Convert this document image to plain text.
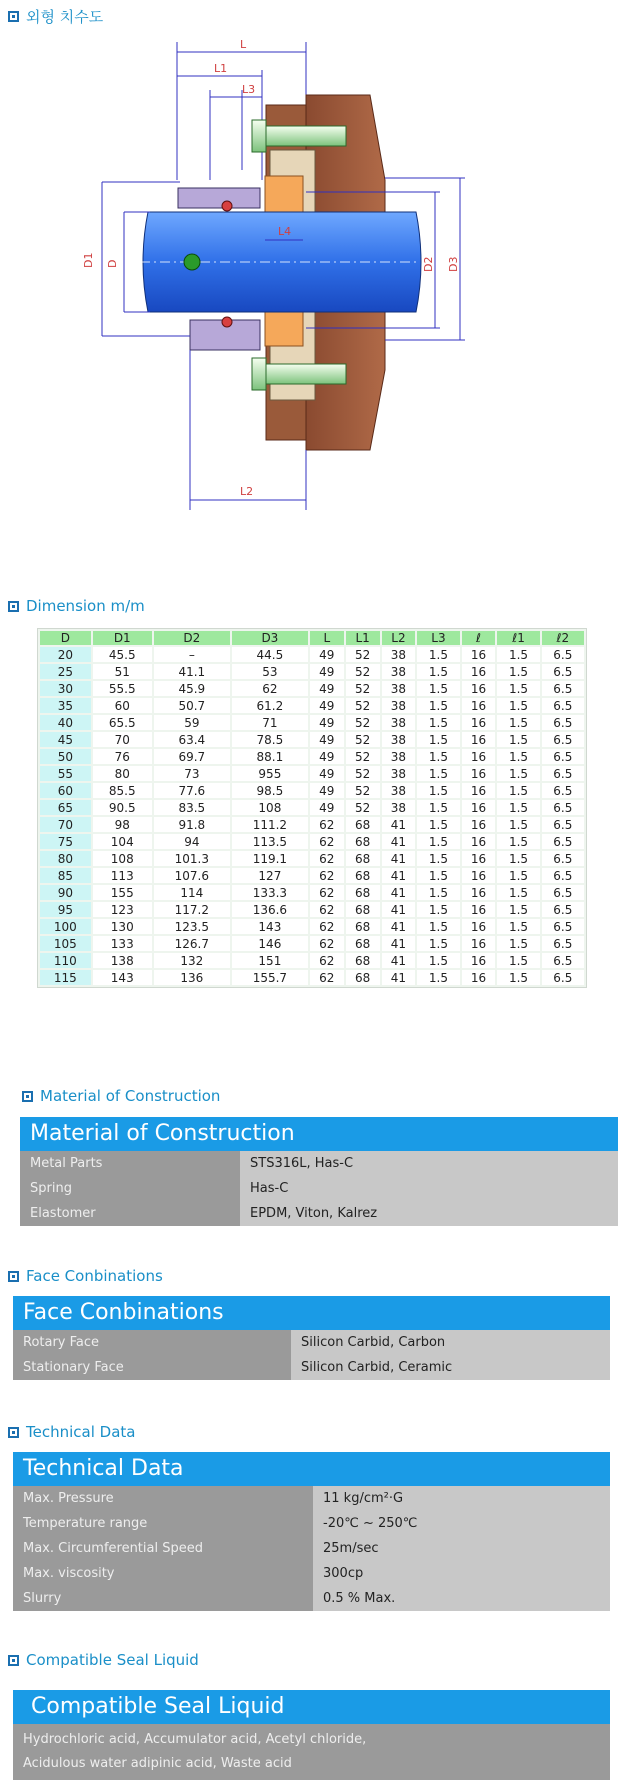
외형 치수도
L
L1
L3
L4
D1 D	D2 D3
L2
Dimension m/m
D	D1	D2	D3	L	L1	L2	L3	ℓ	ℓ1	ℓ2
20	45.5	–	44.5	49	52	38	1.5	16	1.5	6.5
25	51	41.1	53	49	52	38	1.5	16	1.5	6.5
30	55.5	45.9	62	49	52	38	1.5	16	1.5	6.5
35	60	50.7	61.2	49	52	38	1.5	16	1.5	6.5
40	65.5	59	71	49	52	38	1.5	16	1.5	6.5
45	70	63.4	78.5	49	52	38	1.5	16	1.5	6.5
50	76	69.7	88.1	49	52	38	1.5	16	1.5	6.5
55	80	73	955	49	52	38	1.5	16	1.5	6.5
60	85.5	77.6	98.5	49	52	38	1.5	16	1.5	6.5
65	90.5	83.5	108	49	52	38	1.5	16	1.5	6.5
70	98	91.8	111.2	62	68	41	1.5	16	1.5	6.5
75	104	94	113.5	62	68	41	1.5	16	1.5	6.5
80	108	101.3	119.1	62	68	41	1.5	16	1.5	6.5
85	113	107.6	127	62	68	41	1.5	16	1.5	6.5
90	155	114	133.3	62	68	41	1.5	16	1.5	6.5
95	123	117.2	136.6	62	68	41	1.5	16	1.5	6.5
100	130	123.5	143	62	68	41	1.5	16	1.5	6.5
105	133	126.7	146	62	68	41	1.5	16	1.5	6.5
110	138	132	151	62	68	41	1.5	16	1.5	6.5
115	143	136	155.7	62	68	41	1.5	16	1.5	6.5
Material of Construction
Material of Construction
Metal Parts	STS316L, Has-C
Spring	Has-C
Elastomer	EPDM, Viton, Kalrez
Face Conbinations
Face Conbinations
Rotary Face	Silicon Carbid, Carbon
Stationary Face	Silicon Carbid, Ceramic
Technical Data
Technical Data
Max. Pressure	11 kg/cm²·G
Temperature range	-20℃ ~ 250℃
Max. Circumferential Speed	25m/sec
Max. viscosity	300cp
Slurry	0.5 % Max.
Compatible Seal Liquid
Compatible Seal Liquid
Hydrochloric acid, Accumulator acid, Acetyl chloride,
Acidulous water adipinic acid, Waste acid
